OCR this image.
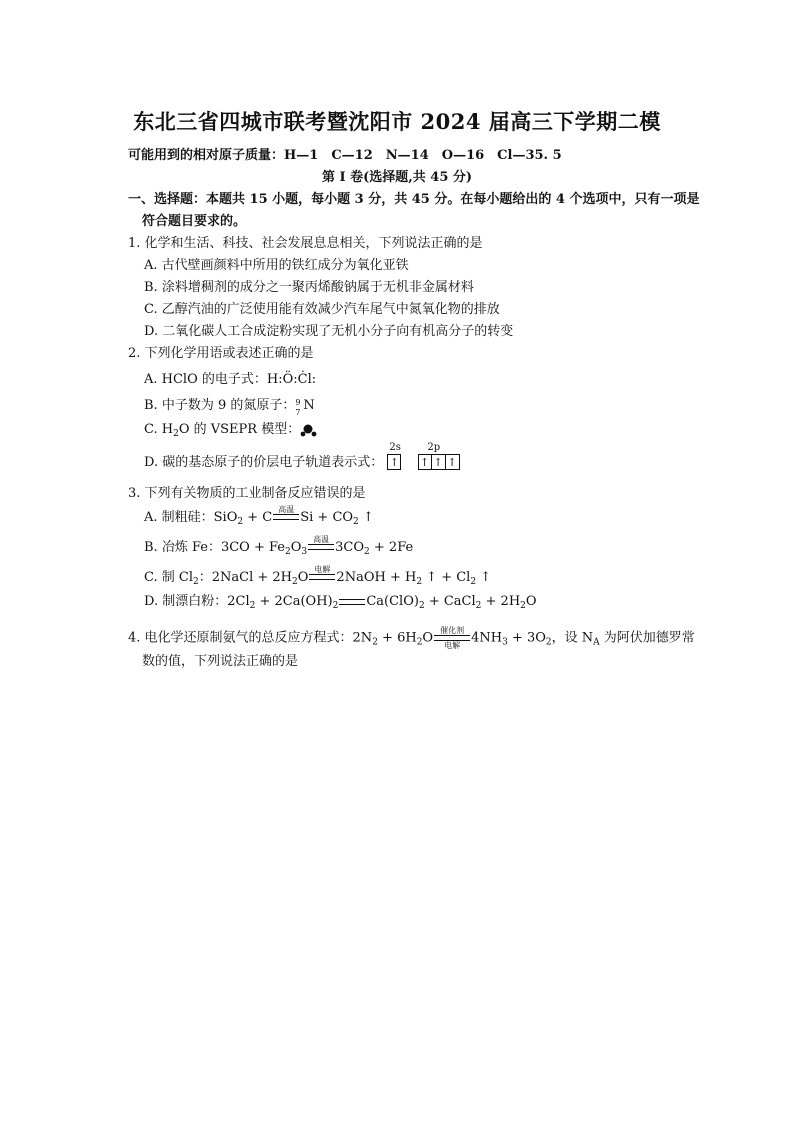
东北三省四城市联考暨沈阳市 2024 届高三下学期二模
可能用到的相对原子质量：H—1　C—12　N—14　O—16　Cl—35. 5
第 I 卷(选择题,共 45 分)
一、选择题：本题共 15 小题，每小题 3 分，共 45 分。在每小题给出的 4 个选项中，只有一项是
符合题目要求的。
1. 化学和生活、科技、社会发展息息相关，下列说法正确的是
A. 古代壁画颜料中所用的铁红成分为氧化亚铁
B. 涂料增稠剂的成分之一聚丙烯酸钠属于无机非金属材料
C. 乙醇汽油的广泛使用能有效减少汽车尾气中氮氧化物的排放
D. 二氧化碳人工合成淀粉实现了无机小分子向有机高分子的转变
2. 下列化学用语或表述正确的是
A. HClO 的电子式：H:Ö:Ċl:
B. 中子数为 9 的氮原子： 9
7 N
C. $H_2O$ 的 VSEPR 模型：
D. 碳的基态原子的价层电子轨道表示式：
2s
↑

2p
↑ ↑ ↑
3. 下列有关物质的工业制备反应错误的是
A. 制粗硅：SiO$_2$ + C
高温
$Si + CO_2$ ↑
B. 冶炼 Fe：$3CO + Fe_2O_3$
高温
$3CO_2 + 2Fe$
C. 制 $Cl_2$：2NaCl + $2H_2O$
电解
2NaOH + $H_2$ ↑ + $Cl_2$ ↑
D. 制漂白粉：$2Cl_2 + 2Ca(OH)_2$ $Ca(ClO)_2$ + CaCl$_2$ + $2H_2O$
4. 电化学还原制氨气的总反应方程式：$2N_2 + 6H_2O$ 催化剂
电解 $4NH_3 + 3O_2$，设 $N_A$ 为阿伏加德罗常
数的值，下列说法正确的是
